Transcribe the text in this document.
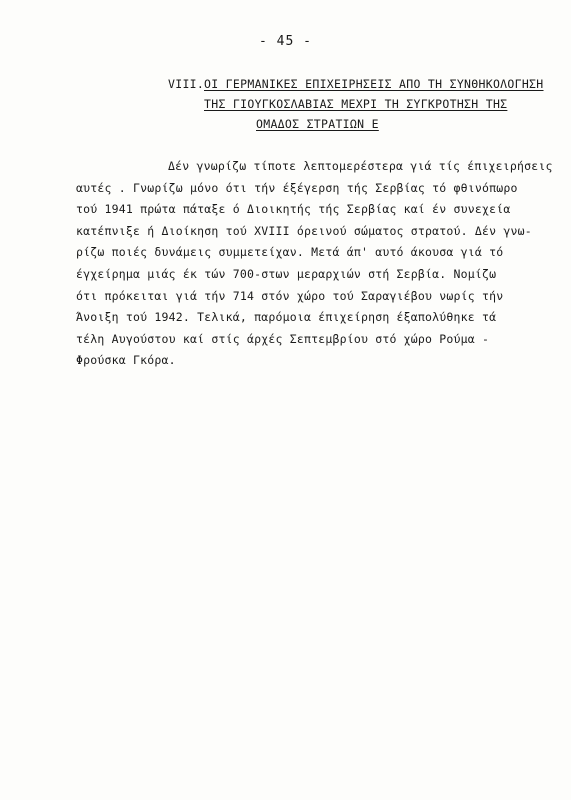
- 45 -
VIII.ΟΙ ΓΕΡΜΑΝΙΚΕΣ ΕΠΙΧΕΙΡΗΣΕΙΣ ΑΠΟ ΤΗ ΣΥΝΘΗΚΟΛΟΓΗΣΗ
ΤΗΣ ΓΙΟΥΓΚΟΣΛΑΒΙΑΣ ΜΕΧΡΙ ΤΗ ΣΥΓΚΡΟΤΗΣΗ ΤΗΣ
ΟΜΑΔΟΣ ΣΤΡΑΤΙΩΝ Ε
Δέν γνωρίζω τίποτε λεπτομερέστερα γιά τίς έπιχειρήσεις
αυτές . Γνωρίζω μόνο ότι τήν έξέγερση τής Σερβίας τό φθινόπωρο
τού 1941 πρώτα πάταξε ό Διοικητής τής Σερβίας καί έν συνεχεία
κατέπνιξε ή Διοίκηση τού XVIII όρεινού σώματος στρατού. Δέν γνω-
ρίζω ποιές δυνάμεις συμμετείχαν. Μετά άπ' αυτό άκουσα γιά τό
έγχείρημα μιάς έκ τών 700-στων μεραρχιών στή Σερβία. Νομίζω
ότι πρόκειται γιά τήν 714 στόν χώρο τού Σαραγιέβου νωρίς τήν
Άνοιξη τού 1942. Τελικά, παρόμοια έπιχείρηση έξαπολύθηκε τά
τέλη Αυγούστου καί στίς άρχές Σεπτεμβρίου στό χώρο Ρούμα -
Φρούσκα Γκόρα.
